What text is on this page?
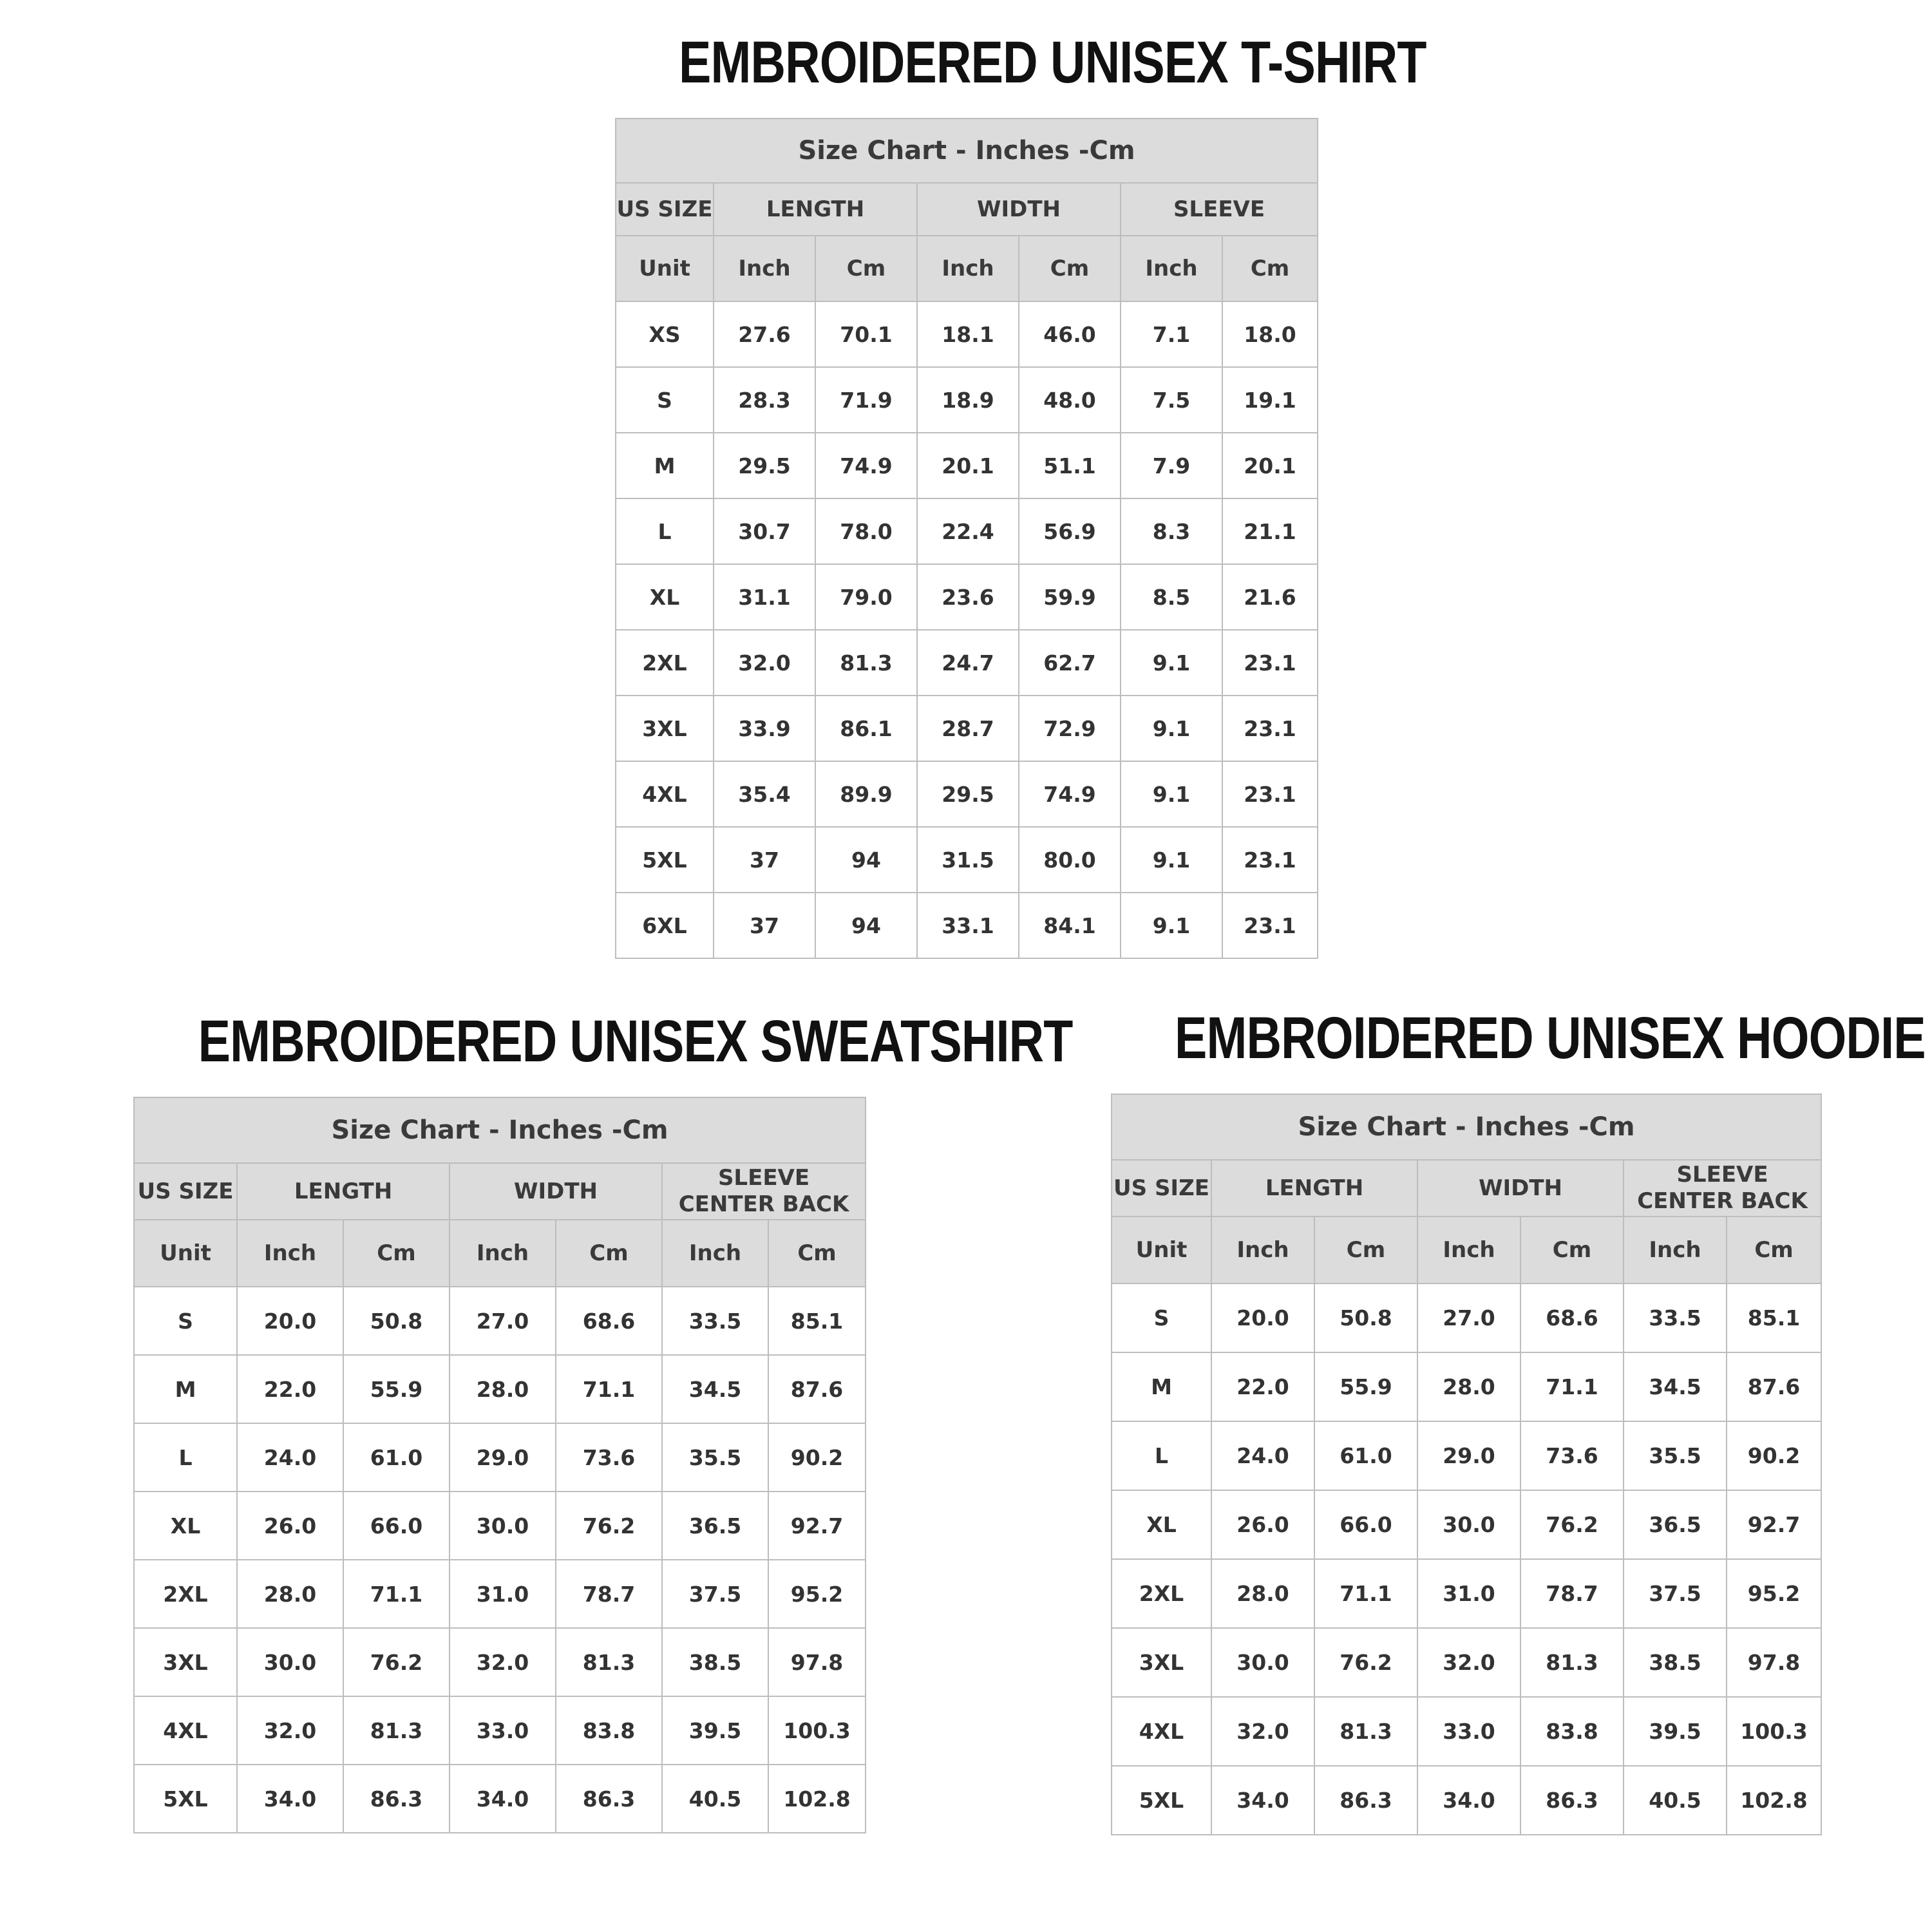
EMBROIDERED UNISEX T-SHIRT
Size Chart - Inches -Cm						
US SIZE	LENGTH		WIDTH		SLEEVE	
Unit	Inch	Cm	Inch	Cm	Inch	Cm
XS	27.6	70.1	18.1	46.0	7.1	18.0
S	28.3	71.9	18.9	48.0	7.5	19.1
M	29.5	74.9	20.1	51.1	7.9	20.1
L	30.7	78.0	22.4	56.9	8.3	21.1
XL	31.1	79.0	23.6	59.9	8.5	21.6
2XL	32.0	81.3	24.7	62.7	9.1	23.1
3XL	33.9	86.1	28.7	72.9	9.1	23.1
4XL	35.4	89.9	29.5	74.9	9.1	23.1
5XL	37	94	31.5	80.0	9.1	23.1
6XL	37	94	33.1	84.1	9.1	23.1
EMBROIDERED UNISEX SWEATSHIRT
Size Chart - Inches -Cm						
US SIZE	LENGTH		WIDTH		SLEEVE
CENTER BACK	

Unit	Inch	Cm	Inch	Cm	Inch	Cm
S	20.0	50.8	27.0	68.6	33.5	85.1
M	22.0	55.9	28.0	71.1	34.5	87.6
L	24.0	61.0	29.0	73.6	35.5	90.2
XL	26.0	66.0	30.0	76.2	36.5	92.7
2XL	28.0	71.1	31.0	78.7	37.5	95.2
3XL	30.0	76.2	32.0	81.3	38.5	97.8
4XL	32.0	81.3	33.0	83.8	39.5	100.3
5XL	34.0	86.3	34.0	86.3	40.5	102.8
EMBROIDERED UNISEX HOODIE
Size Chart - Inches -Cm						
US SIZE	LENGTH		WIDTH		SLEEVE
CENTER BACK	

Unit	Inch	Cm	Inch	Cm	Inch	Cm
S	20.0	50.8	27.0	68.6	33.5	85.1
M	22.0	55.9	28.0	71.1	34.5	87.6
L	24.0	61.0	29.0	73.6	35.5	90.2
XL	26.0	66.0	30.0	76.2	36.5	92.7
2XL	28.0	71.1	31.0	78.7	37.5	95.2
3XL	30.0	76.2	32.0	81.3	38.5	97.8
4XL	32.0	81.3	33.0	83.8	39.5	100.3
5XL	34.0	86.3	34.0	86.3	40.5	102.8
